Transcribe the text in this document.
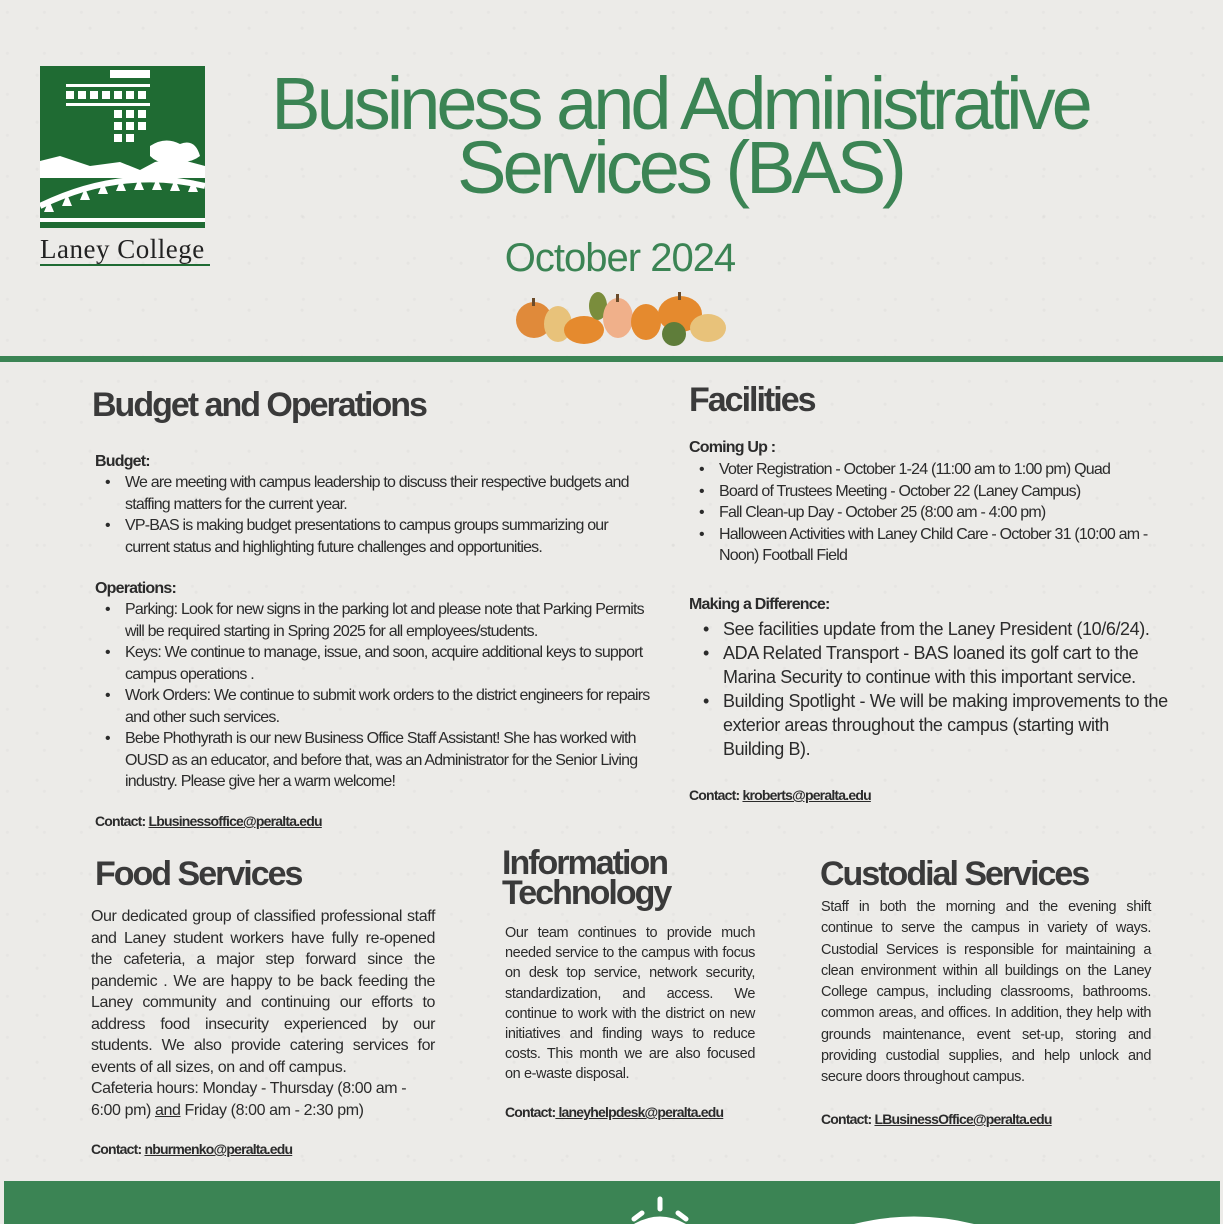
Laney College
Business and Administrative
Services (BAS)
October 2024
Budget and Operations
Budget:
• We are meeting with campus leadership to discuss their respective budgets and staffing matters for the current year.
• VP-BAS is making budget presentations to campus groups summarizing our current status and highlighting future challenges and opportunities.
Operations:
• Parking: Look for new signs in the parking lot and please note that Parking Permits will be required starting in Spring 2025 for all employees/students.
• Keys: We continue to manage, issue, and soon, acquire additional keys to support campus operations .
• Work Orders: We continue to submit work orders to the district engineers for repairs and other such services.
• Bebe Phothyrath is our new Business Office Staff Assistant! She has worked with OUSD as an educator, and before that, was an Administrator for the Senior Living industry. Please give her a warm welcome!
Contact: Lbusinessoffice@peralta.edu
Facilities
Coming Up :
• Voter Registration - October 1-24 (11:00 am to 1:00 pm) Quad
• Board of Trustees Meeting - October 22 (Laney Campus)
• Fall Clean-up Day - October 25 (8:00 am - 4:00 pm)
• Halloween Activities with Laney Child Care - October 31 (10:00 am - Noon) Football Field
Making a Difference:
• See facilities update from the Laney President (10/6/24).
• ADA Related Transport - BAS loaned its golf cart to the Marina Security to continue with this important service.
• Building Spotlight - We will be making improvements to the exterior areas throughout the campus (starting with Building B).
Contact: kroberts@peralta.edu
Food Services
Our dedicated group of classified professional staff and Laney student workers have fully re-opened the cafeteria, a major step forward since the pandemic . We are happy to be back feeding the Laney community and continuing our efforts to address food insecurity experienced by our students. We also provide catering services for events of all sizes, on and off campus.
Cafeteria hours: Monday - Thursday (8:00 am - 6:00 pm) and Friday (8:00 am - 2:30 pm)
Contact: nburmenko@peralta.edu
Information
Technology
Our team continues to provide much needed service to the campus with focus on desk top service, network security, standardization, and access. We continue to work with the district on new initiatives and finding ways to reduce costs. This month we are also focused on e-waste disposal.
Contact: laneyhelpdesk@peralta.edu
Custodial Services
Staff in both the morning and the evening shift continue to serve the campus in variety of ways. Custodial Services is responsible for maintaining a clean environment within all buildings on the Laney College campus, including classrooms, bathrooms. common areas, and offices. In addition, they help with grounds maintenance, event set-up, storing and providing custodial supplies, and help unlock and secure doors throughout campus.
Contact: LBusinessOffice@peralta.edu
